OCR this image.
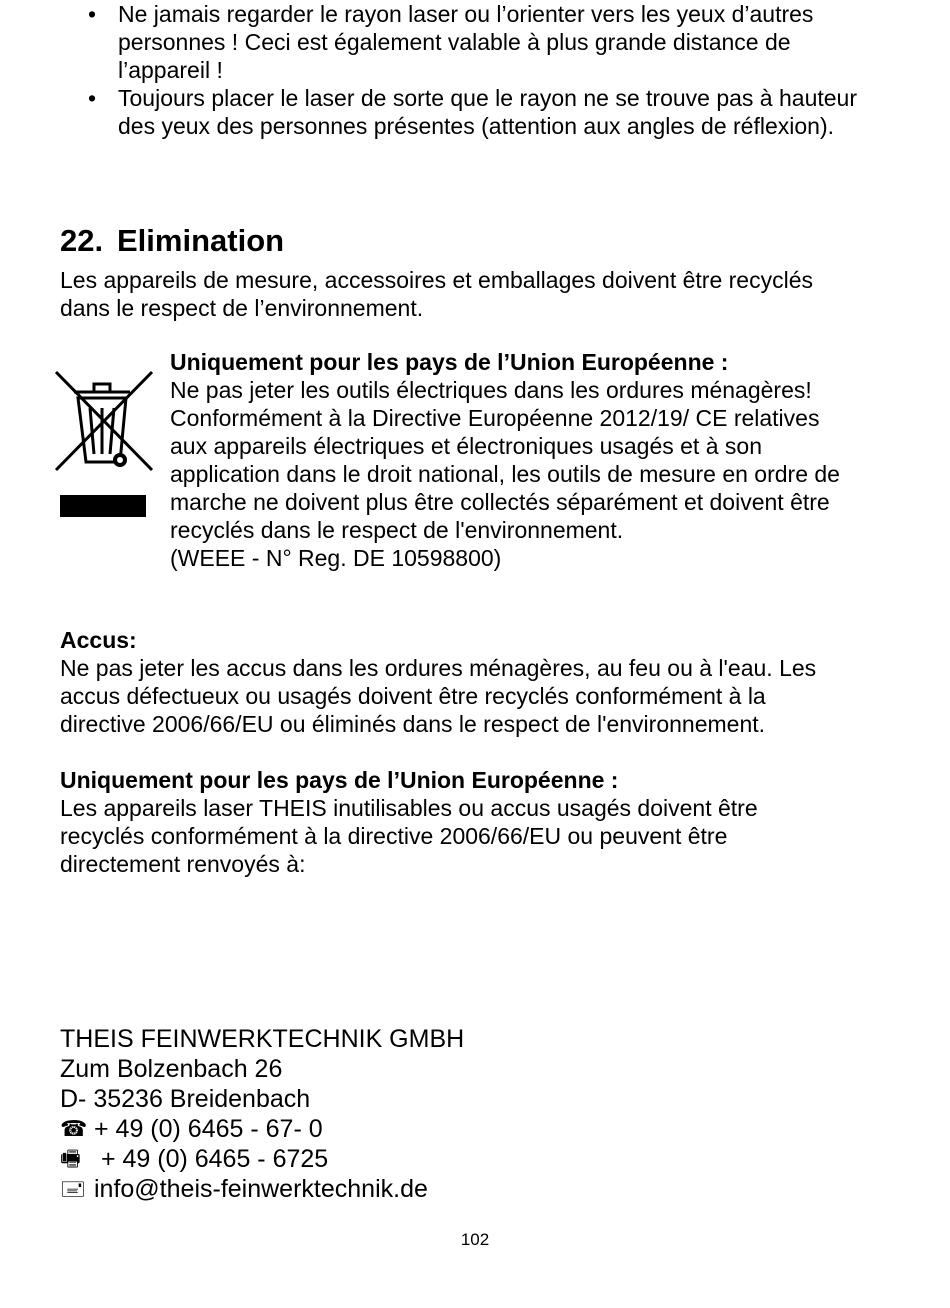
• Ne jamais regarder le rayon laser ou l’orienter vers les yeux d’autres personnes ! Ceci est également valable à plus grande distance de l’appareil !
• Toujours placer le laser de sorte que le rayon ne se trouve pas à hauteur des yeux des personnes présentes (attention aux angles de réflexion).
22. Elimination
Les appareils de mesure, accessoires et emballages doivent être recyclés dans le respect de l’environnement.
Uniquement pour les pays de l’Union Européenne :
Ne pas jeter les outils électriques dans les ordures ménagères! Conformément à la Directive Européenne 2012/19/ CE relatives aux appareils électriques et électroniques usagés et à son application dans le droit national, les outils de mesure en ordre de marche ne doivent plus être collectés séparément et doivent être recyclés dans le respect de l'environnement.
(WEEE - N° Reg. DE 10598800)
Accus:
Ne pas jeter les accus dans les ordures ménagères, au feu ou à l'eau. Les accus défectueux ou usagés doivent être recyclés conformément à la directive 2006/66/EU ou éliminés dans le respect de l'environnement.
Uniquement pour les pays de l’Union Européenne :
Les appareils laser THEIS inutilisables ou accus usagés doivent être recyclés conformément à la directive 2006/66/EU ou peuvent être directement renvoyés à:
THEIS FEINWERKTECHNIK GMBH
Zum Bolzenbach 26
D- 35236 Breidenbach
☎ + 49 (0) 6465 - 67- 0
🖷 + 49 (0) 6465 - 6725
🖃 info@theis-feinwerktechnik.de
102
